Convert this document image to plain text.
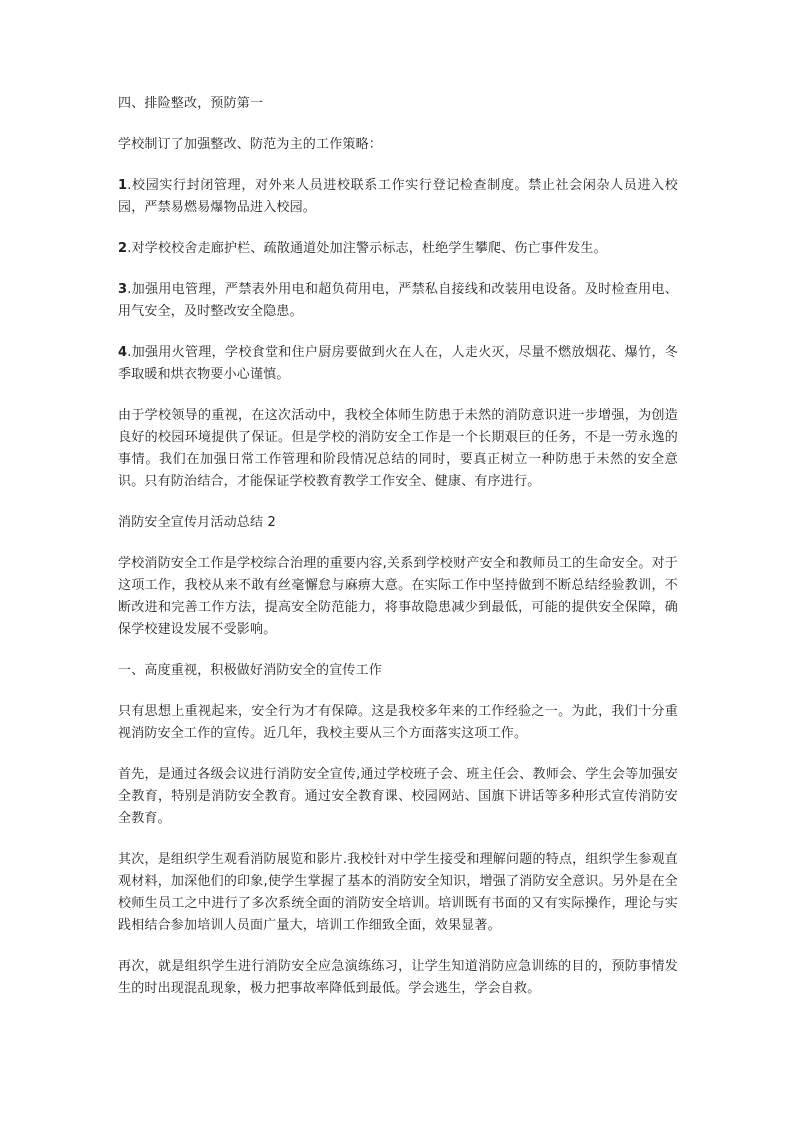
四、排险整改，预防第一

学校制订了加强整改、防范为主的工作策略：

1.校园实行封闭管理，对外来人员进校联系工作实行登记检查制度。禁止社会闲杂人员进入校园，严禁易燃易爆物品进入校园。

2.对学校校舍走廊护栏、疏散通道处加注警示标志，杜绝学生攀爬、伤亡事件发生。

3.加强用电管理，严禁表外用电和超负荷用电，严禁私自接线和改装用电设备。及时检查用电、用气安全，及时整改安全隐患。

4.加强用火管理，学校食堂和住户厨房要做到火在人在，人走火灭，尽量不燃放烟花、爆竹，冬季取暖和烘衣物要小心谨慎。

由于学校领导的重视，在这次活动中，我校全体师生防患于未然的消防意识进一步增强，为创造良好的校园环境提供了保证。但是学校的消防安全工作是一个长期艰巨的任务，不是一劳永逸的事情。我们在加强日常工作管理和阶段情况总结的同时，要真正树立一种防患于未然的安全意识。只有防治结合，才能保证学校教育教学工作安全、健康、有序进行。

消防安全宣传月活动总结 2

学校消防安全工作是学校综合治理的重要内容,关系到学校财产安全和教师员工的生命安全。对于这项工作，我校从来不敢有丝毫懈怠与麻痹大意。在实际工作中坚持做到不断总结经验教训，不断改进和完善工作方法，提高安全防范能力，将事故隐患减少到最低，可能的提供安全保障，确保学校建设发展不受影响。

一、高度重视，积极做好消防安全的宣传工作

只有思想上重视起来，安全行为才有保障。这是我校多年来的工作经验之一。为此，我们十分重视消防安全工作的宣传。近几年，我校主要从三个方面落实这项工作。

首先，是通过各级会议进行消防安全宣传,通过学校班子会、班主任会、教师会、学生会等加强安全教育，特别是消防安全教育。通过安全教育课、校园网站、国旗下讲话等多种形式宣传消防安全教育。

其次，是组织学生观看消防展览和影片.我校针对中学生接受和理解问题的特点，组织学生参观直观材料，加深他们的印象,使学生掌握了基本的消防安全知识，增强了消防安全意识。另外是在全校师生员工之中进行了多次系统全面的消防安全培训。培训既有书面的又有实际操作，理论与实践相结合参加培训人员面广量大，培训工作细致全面，效果显著。

再次，就是组织学生进行消防安全应急演练练习，让学生知道消防应急训练的目的，预防事情发生的时出现混乱现象，极力把事故率降低到最低。学会逃生，学会自救。
